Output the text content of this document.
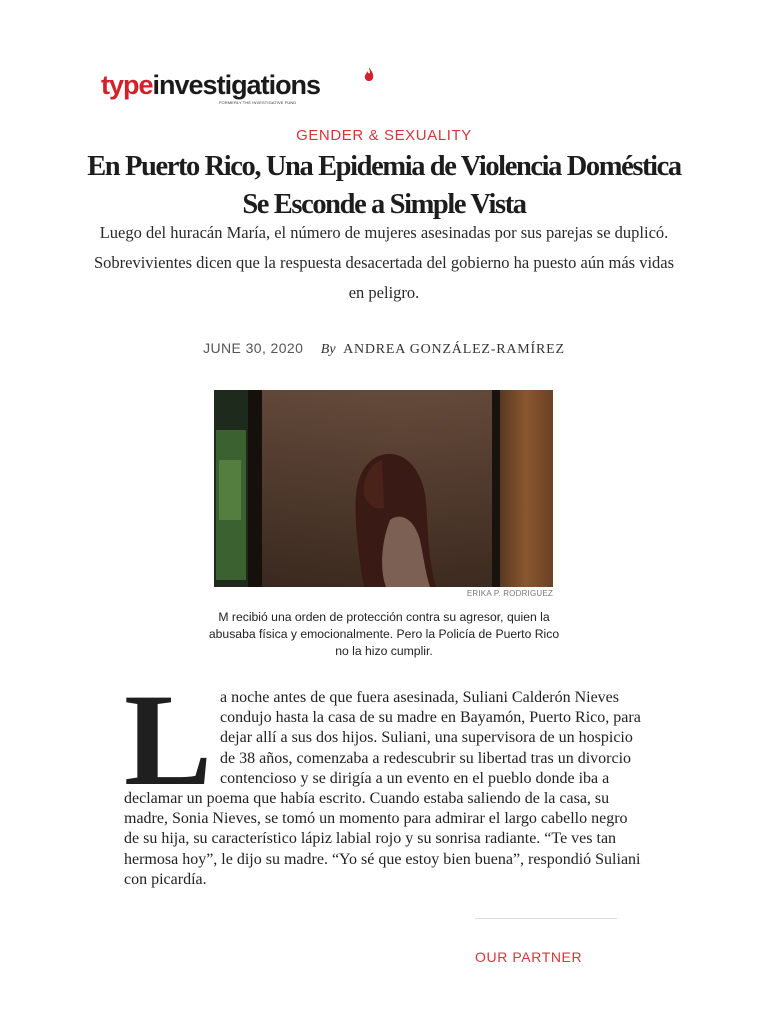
typeinvestigations
FORMERLY THE INVESTIGATIVE FUND
GENDER & SEXUALITY
En Puerto Rico, Una Epidemia de Violencia Doméstica Se Esconde a Simple Vista

Luego del huracán María, el número de mujeres asesinadas por sus parejas se duplicó. Sobrevivientes dicen que la respuesta desacertada del gobierno ha puesto aún más vidas en peligro.

JUNE 30, 2020 By ANDREA GONZÁLEZ-RAMÍREZ
ERIKA P. RODRIGUEZ

M recibió una orden de protección contra su agresor, quien la abusaba física y emocionalmente. Pero la Policía de Puerto Rico no la hizo cumplir.

La noche antes de que fuera asesinada, Suliani Calderón Nieves condujo hasta la casa de su madre en Bayamón, Puerto Rico, para dejar allí a sus dos hijos. Suliani, una supervisora de un hospicio de 38 años, comenzaba a redescubrir su libertad tras un divorcio contencioso y se dirigía a un evento en el pueblo donde iba a declamar un poema que había escrito. Cuando estaba saliendo de la casa, su madre, Sonia Nieves, se tomó un momento para admirar el largo cabello negro de su hija, su característico lápiz labial rojo y su sonrisa radiante. “Te ves tan hermosa hoy”, le dijo su madre. “Yo sé que estoy bien buena”, respondió Suliani con picardía.

OUR PARTNER
